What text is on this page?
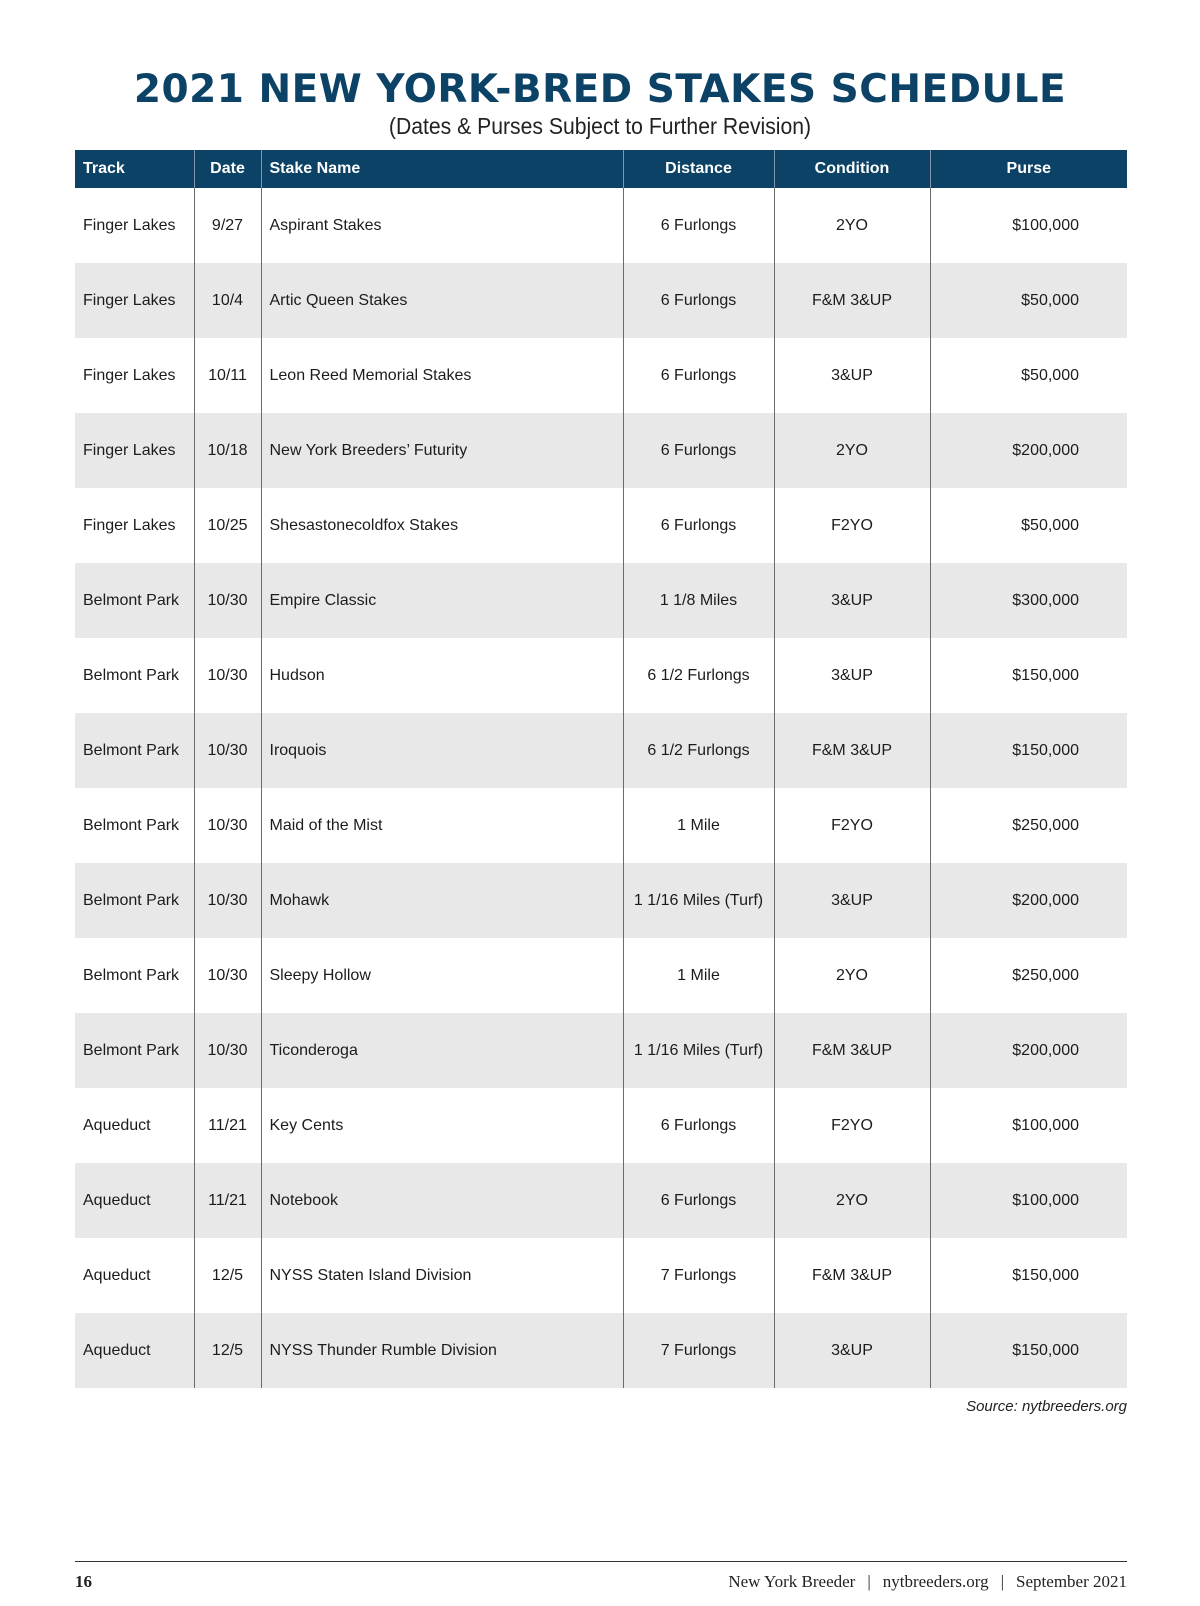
2021 NEW YORK-BRED STAKES SCHEDULE
(Dates & Purses Subject to Further Revision)
Track	Date	Stake Name	Distance	Condition	Purse
Finger Lakes	9/27	Aspirant Stakes	6 Furlongs	2YO	$100,000
Finger Lakes	10/4	Artic Queen Stakes	6 Furlongs	F&M 3&UP	$50,000
Finger Lakes	10/11	Leon Reed Memorial Stakes	6 Furlongs	3&UP	$50,000
Finger Lakes	10/18	New York Breeders’ Futurity	6 Furlongs	2YO	$200,000
Finger Lakes	10/25	Shesastonecoldfox Stakes	6 Furlongs	F2YO	$50,000
Belmont Park	10/30	Empire Classic	1 1/8 Miles	3&UP	$300,000
Belmont Park	10/30	Hudson	6 1/2 Furlongs	3&UP	$150,000
Belmont Park	10/30	Iroquois	6 1/2 Furlongs	F&M 3&UP	$150,000
Belmont Park	10/30	Maid of the Mist	1 Mile	F2YO	$250,000
Belmont Park	10/30	Mohawk	1 1/16 Miles (Turf)	3&UP	$200,000
Belmont Park	10/30	Sleepy Hollow	1 Mile	2YO	$250,000
Belmont Park	10/30	Ticonderoga	1 1/16 Miles (Turf)	F&M 3&UP	$200,000
Aqueduct	11/21	Key Cents	6 Furlongs	F2YO	$100,000
Aqueduct	11/21	Notebook	6 Furlongs	2YO	$100,000
Aqueduct	12/5	NYSS Staten Island Division	7 Furlongs	F&M 3&UP	$150,000
Aqueduct	12/5	NYSS Thunder Rumble Division	7 Furlongs	3&UP	$150,000
Source: nytbreeders.org
16	New York Breeder | nytbreeders.org | September 2021
